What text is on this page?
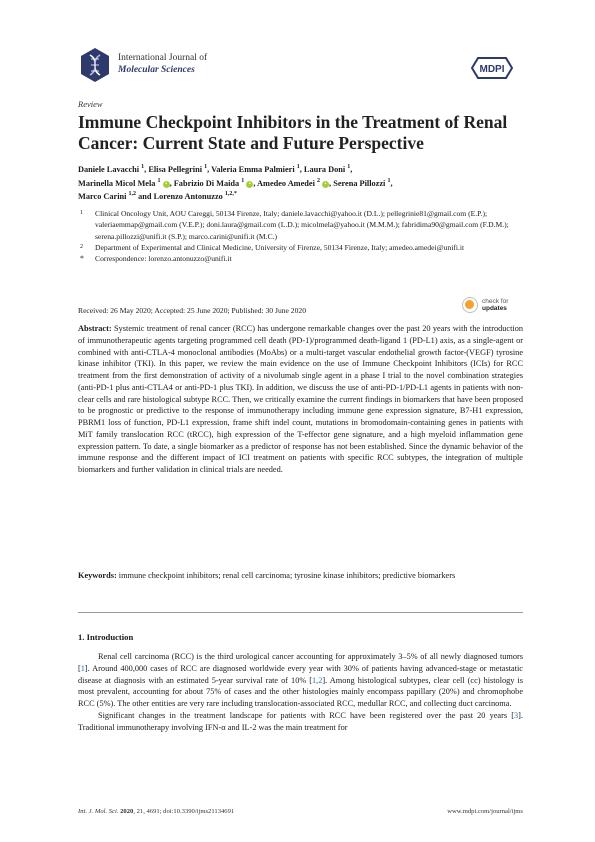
International Journal of
Molecular Sciences	MDPI
Review
Immune Checkpoint Inhibitors in the Treatment of Renal Cancer: Current State and Future Perspective
Daniele Lavacchi $^1$, Elisa Pellegrini $^1$, Valeria Emma Palmieri $^1$, Laura Doni $^1$,
Marinella Micol Mela $^1$ • , Fabrizio Di Maida $^1$ • , Amedeo Amedei $^2$ • , Serena Pillozzi $^1$,
Marco Carini $^{1,2}$ and Lorenzo Antonuzzo $^{1,2,*}$
1 Clinical Oncology Unit, AOU Careggi, 50134 Firenze, Italy; daniele.lavacchi@yahoo.it (D.L.); pellegrinie81@gmail.com (E.P.); valeriaemmap@gmail.com (V.E.P.); doni.laura@gmail.com (L.D.); micolmela@yahoo.it (M.M.M.); fabridima90@gmail.com (F.D.M.); serena.pillozzi@unifi.it (S.P.); marco.carini@unifi.it (M.C.)
2 Department of Experimental and Clinical Medicine, University of Firenze, 50134 Firenze, Italy; amedeo.amedei@unifi.it
* Correspondence: lorenzo.antonuzzo@unifi.it
Received: 26 May 2020; Accepted: 25 June 2020; Published: 30 June 2020
check for
updates
Abstract: Systemic treatment of renal cancer (RCC) has undergone remarkable changes over the past 20 years with the introduction of immunotherapeutic agents targeting programmed cell death (PD-1)/programmed death-ligand 1 (PD-L1) axis, as a single-agent or combined with anti-CTLA-4 monoclonal antibodies (MoAbs) or a multi-target vascular endothelial growth factor-(VEGF) tyrosine kinase inhibitor (TKI). In this paper, we review the main evidence on the use of Immune Checkpoint Inhibitors (ICIs) for RCC treatment from the first demonstration of activity of a nivolumab single agent in a phase I trial to the novel combination strategies (anti-PD-1 plus anti-CTLA4 or anti-PD-1 plus TKI). In addition, we discuss the use of anti-PD-1/PD-L1 agents in patients with non-clear cells and rare histological subtype RCC. Then, we critically examine the current findings in biomarkers that have been proposed to be prognostic or predictive to the response of immunotherapy including immune gene expression signature, B7-H1 expression, PBRM1 loss of function, PD-L1 expression, frame shift indel count, mutations in bromodomain-containing genes in patients with MiT family translocation RCC (tRCC), high expression of the T-effector gene signature, and a high myeloid inflammation gene expression pattern. To date, a single biomarker as a predictor of response has not been established. Since the dynamic behavior of the immune response and the different impact of ICI treatment on patients with specific RCC subtypes, the integration of multiple biomarkers and further validation in clinical trials are needed.
Keywords: immune checkpoint inhibitors; renal cell carcinoma; tyrosine kinase inhibitors; predictive biomarkers
1. Introduction

Renal cell carcinoma (RCC) is the third urological cancer accounting for approximately 3–5% of all newly diagnosed tumors [1]. Around 400,000 cases of RCC are diagnosed worldwide every year with 30% of patients having advanced-stage or metastatic disease at diagnosis with an estimated 5-year survival rate of 10% [1,2]. Among histological subtypes, clear cell (cc) histology is most prevalent, accounting for about 75% of cases and the other histologies mainly encompass papillary (20%) and chromophobe RCC (5%). The other entities are very rare including translocation-associated RCC, medullar RCC, and collecting duct carcinoma.

Significant changes in the treatment landscape for patients with RCC have been registered over the past 20 years [3]. Traditional immunotherapy involving IFN-α and IL-2 was the main treatment for

Int. J. Mol. Sci. 2020, 21, 4691; doi:10.3390/ijms21134691	www.mdpi.com/journal/ijms
